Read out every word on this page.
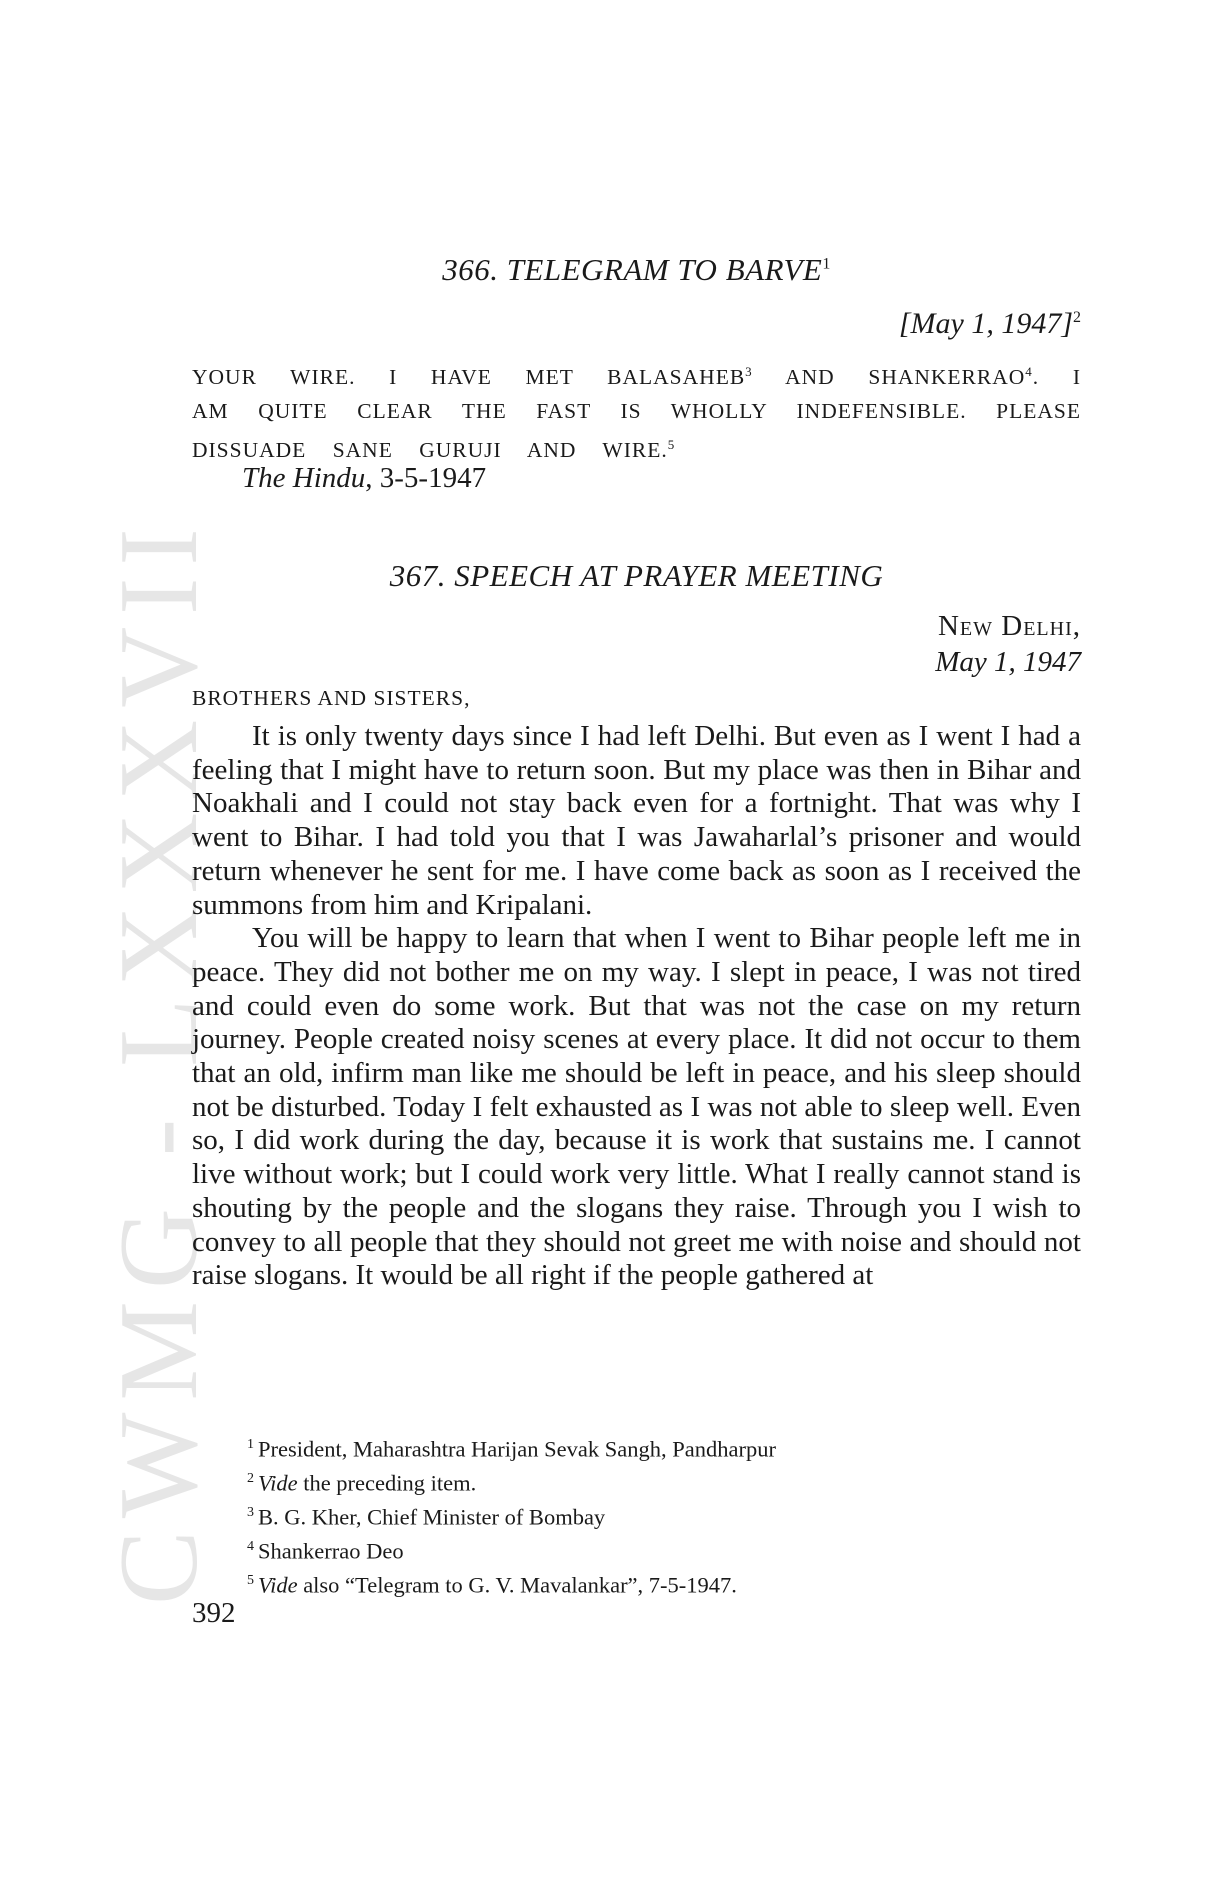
CWMG - LXXXVII
366. TELEGRAM TO BARVE$^1$
[May 1, 1947]$^2$
YOUR WIRE. I HAVE MET BALASAHEB$^3$ AND SHANKERRAO$^4$. I
AM QUITE CLEAR THE FAST IS WHOLLY INDEFENSIBLE. PLEASE
DISSUADE SANE GURUJI AND WIRE.$^5$
The Hindu, 3-5-1947
367. SPEECH AT PRAYER MEETING
New Delhi,
May 1, 1947
BROTHERS AND SISTERS,

It is only twenty days since I had left Delhi. But even as I went I had a feeling that I might have to return soon. But my place was then in Bihar and Noakhali and I could not stay back even for a fortnight. That was why I went to Bihar. I had told you that I was Jawaharlal’s prisoner and would return whenever he sent for me. I have come back as soon as I received the summons from him and Kripalani.

You will be happy to learn that when I went to Bihar people left me in peace. They did not bother me on my way. I slept in peace, I was not tired and could even do some work. But that was not the case on my return journey. People created noisy scenes at every place. It did not occur to them that an old, infirm man like me should be left in peace, and his sleep should not be disturbed. Today I felt exhausted as I was not able to sleep well. Even so, I did work during the day, because it is work that sustains me. I cannot live without work; but I could work very little. What I really cannot stand is shouting by the people and the slogans they raise. Through you I wish to convey to all people that they should not greet me with noise and should not raise slogans. It would be all right if the people gathered at

$^1$ President, Maharashtra Harijan Sevak Sangh, Pandharpur
$^2$ Vide the preceding item.
$^3$ B. G. Kher, Chief Minister of Bombay
$^4$ Shankerrao Deo
$^5$ Vide also “Telegram to G. V. Mavalankar”, 7-5-1947.
392
